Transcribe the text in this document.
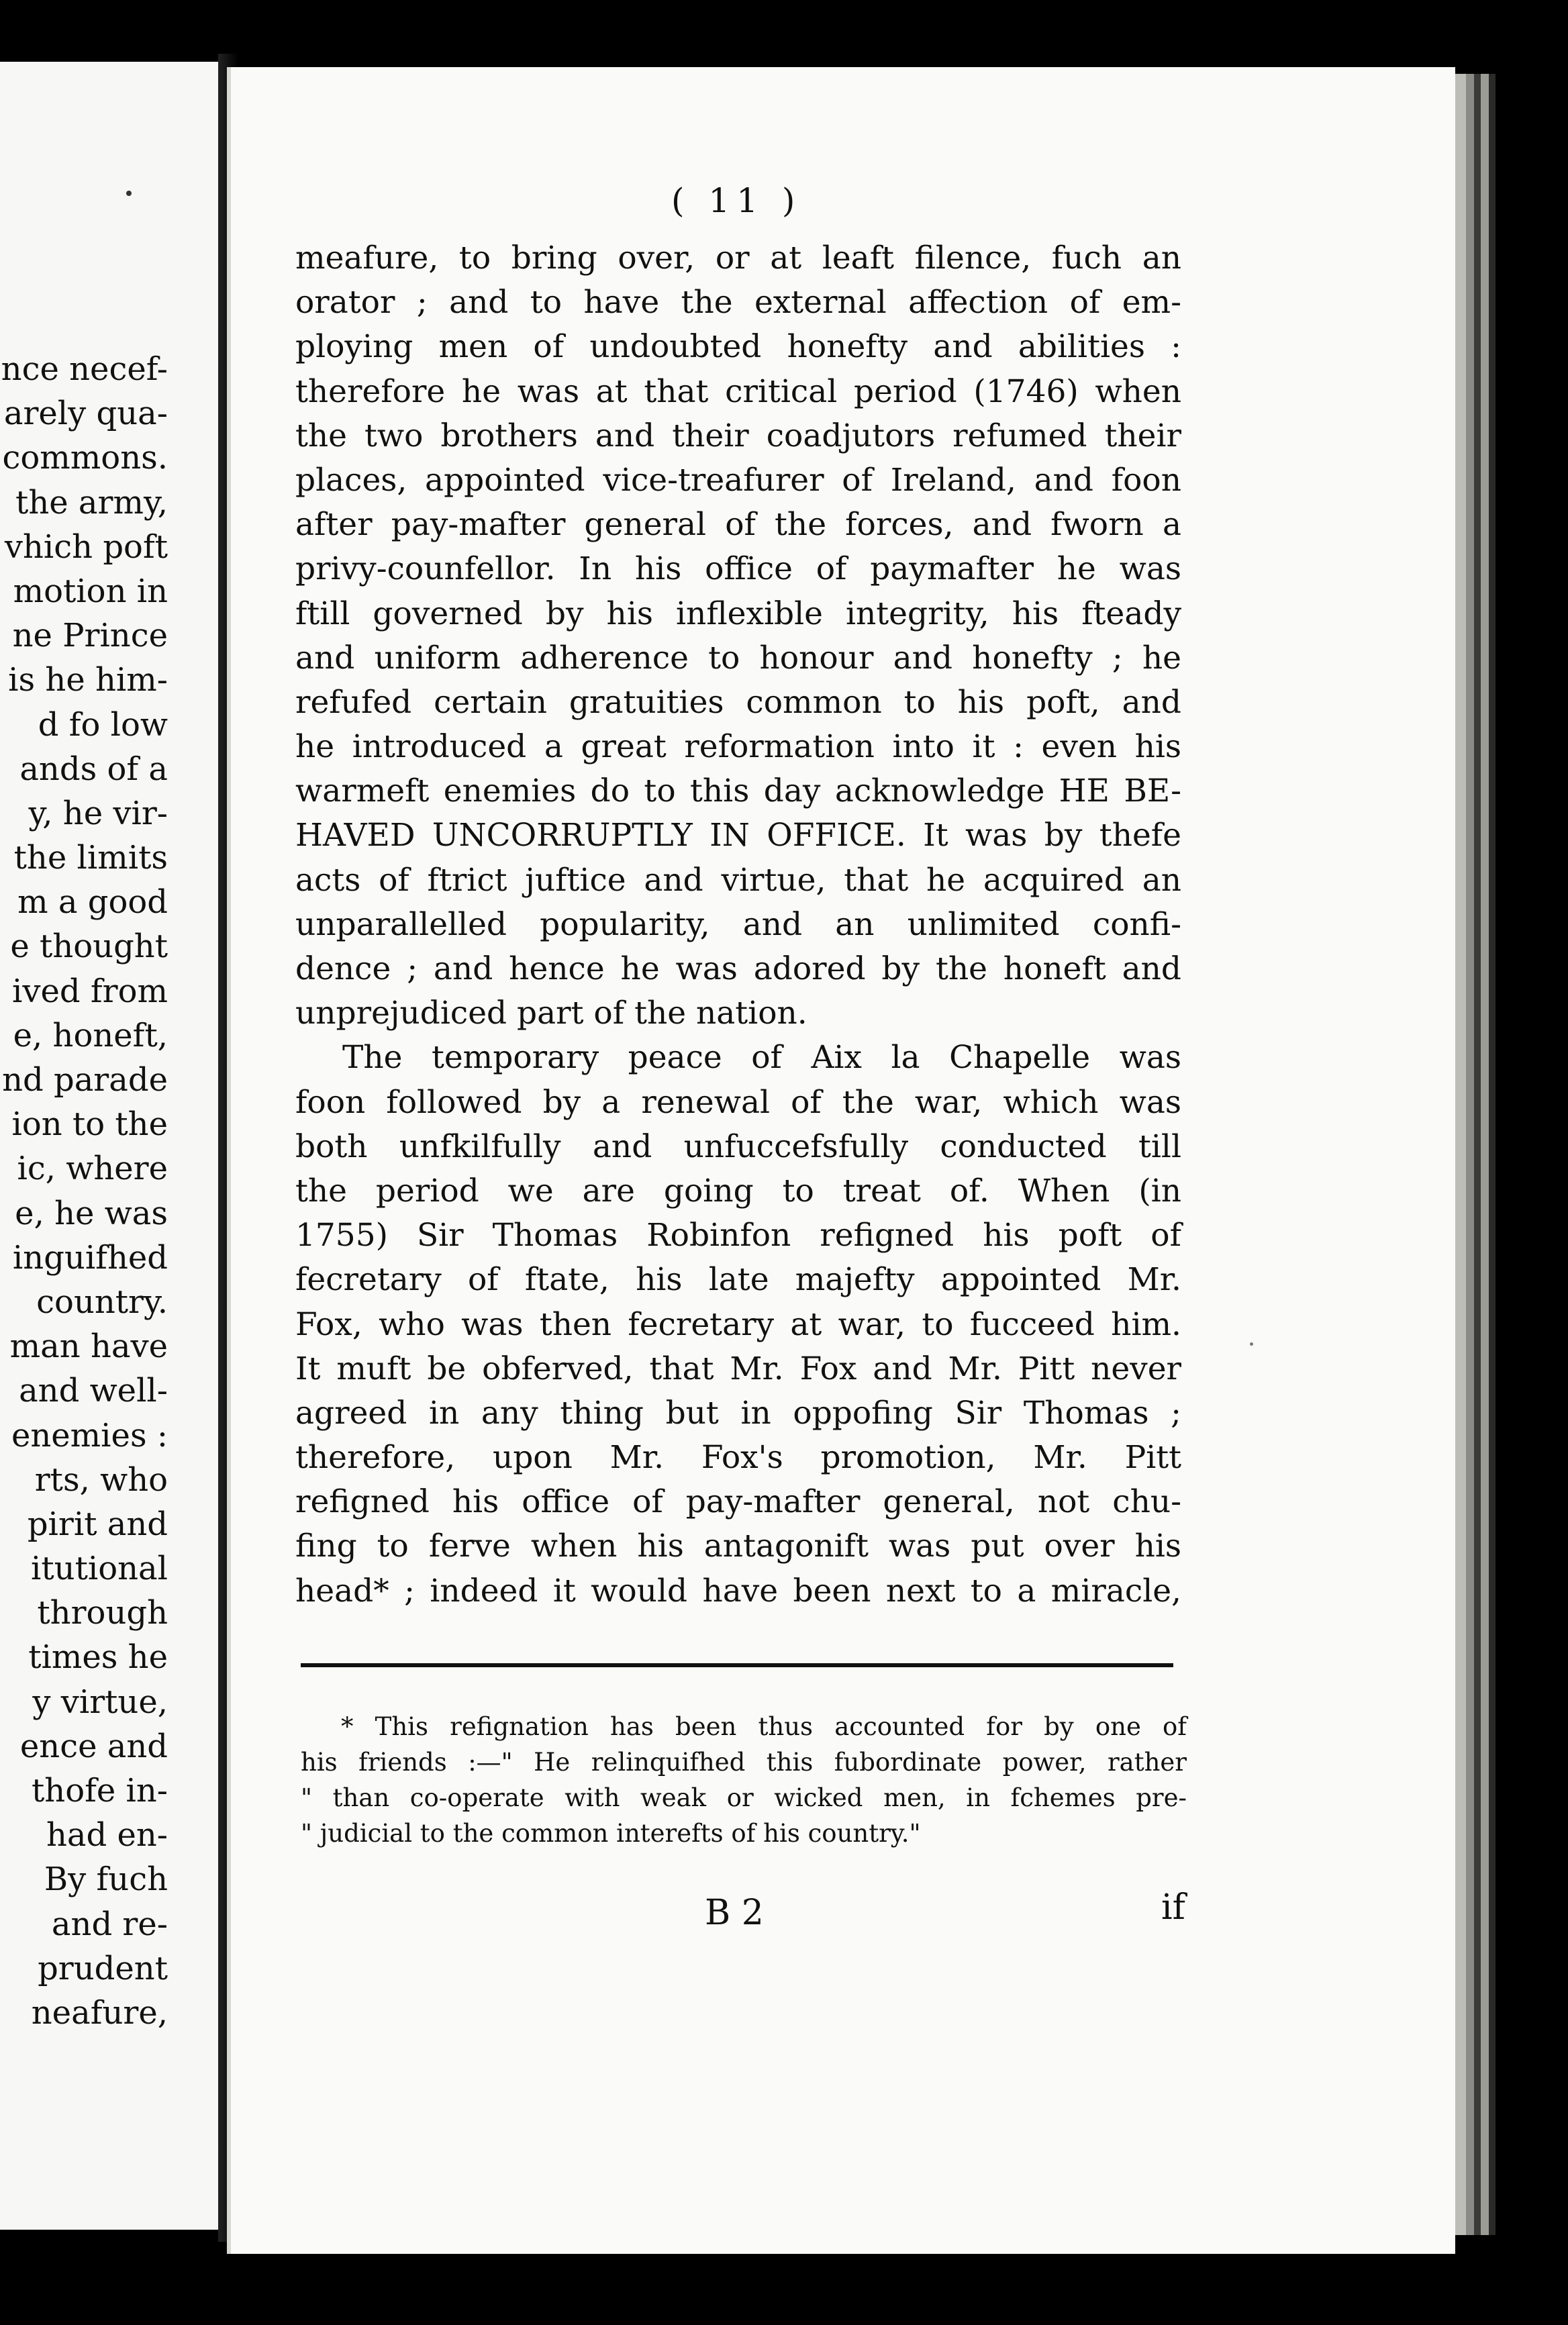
nce necef-
arely qua-
commons.
the army,
vhich poft
motion in
ne Prince
is he him-
d fo low
ands of a
y, he vir-
the limits
m a good
e thought
ived from
e, honeft,
nd parade
ion to the
ic, where
e, he was
inguifhed
country.
man have
and well-
enemies :
rts, who
pirit and
itutional
through
times he
y virtue,
ence and
thofe in-
had en-
By fuch
and re-
prudent
neafure,
( 11 )
meafure, to bring over, or at leaft filence, fuch an
orator ; and to have the external affection of em-
ploying men of undoubted honefty and abilities :
therefore he was at that critical period (1746) when
the two brothers and their coadjutors refumed their
places, appointed vice-treafurer of Ireland, and foon
after pay-mafter general of the forces, and fworn a
privy-counfellor. In his office of paymafter he was
ftill governed by his inflexible integrity, his fteady
and uniform adherence to honour and honefty ; he
refufed certain gratuities common to his poft, and
he introduced a great reformation into it : even his
warmeft enemies do to this day acknowledge HE BE-
HAVED UNCORRUPTLY IN OFFICE. It was by thefe
acts of ftrict juftice and virtue, that he acquired an
unparallelled popularity, and an unlimited confi-
dence ; and hence he was adored by the honeft and
unprejudiced part of the nation.
The temporary peace of Aix la Chapelle was
foon followed by a renewal of the war, which was
both unfkilfully and unfuccefsfully conducted till
the period we are going to treat of. When (in
1755) Sir Thomas Robinfon refigned his poft of
fecretary of ftate, his late majefty appointed Mr.
Fox, who was then fecretary at war, to fucceed him.
It muft be obferved, that Mr. Fox and Mr. Pitt never
agreed in any thing but in oppofing Sir Thomas ;
therefore, upon Mr. Fox's promotion, Mr. Pitt
refigned his office of pay-mafter general, not chu-
fing to ferve when his antagonift was put over his
head* ; indeed it would have been next to a miracle,
* This refignation has been thus accounted for by one of
his friends :—" He relinquifhed this fubordinate power, rather
" than co-operate with weak or wicked men, in fchemes pre-
" judicial to the common interefts of his country."
B 2	if
